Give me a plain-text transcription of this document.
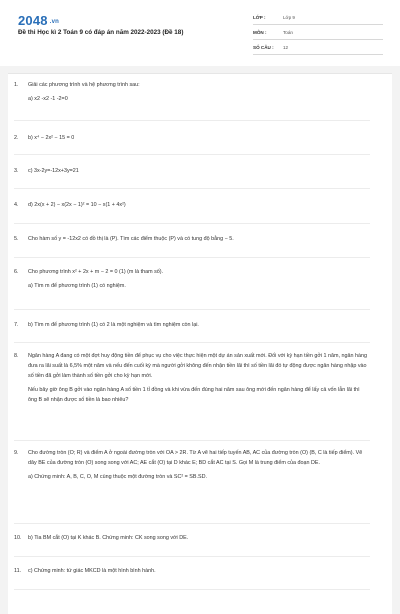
2048 .vn
Đề thi Học kì 2 Toán 9 có đáp án năm 2022-2023 (Đề 18)
LỚP :	Lớp 9
MÔN :	Toán
SỐ CÂU : 12
1. Giải các phương trình và hệ phương trình sau:

a) x2 -x2 -1 -2=0

2. b) x⁴ − 2x² − 15 = 0

3. c) 3x-2y=-12x+3y=21

4. d) 2x(x + 2) − x(2x − 1)² = 10 − x(1 + 4x²)

5. Cho hàm số y = -12x2 có đồ thị là (P). Tìm các điểm thuộc (P) và có tung độ bằng − 5.

6. Cho phương trình x² + 2x + m − 2 = 0 (1) (m là tham số).

a) Tìm m để phương trình (1) có nghiệm.

7. b) Tìm m để phương trình (1) có 2 là một nghiệm và tìm nghiệm còn lại.

8. Ngân hàng A đang có một đợt huy động tiền để phục vụ cho việc thực hiện một dự án sản xuất mới. Đối với kỳ hạn tiền gởi 1 năm, ngân hàng đưa ra lãi suất là 6,5% một năm và nếu đến cuối kỳ mà người gởi không đến nhận tiền lãi thì số tiền lãi đó tự động được ngân hàng nhập vào số tiền đã gởi làm thành số tiền gởi cho kỳ hạn mới.

Nếu bây giờ ông B gởi vào ngân hàng A số tiền 1 tỉ đồng và khi vừa đến đúng hai năm sau ông mới đến ngân hàng để lấy cả vốn lẫn lãi thì ông B sẽ nhận được số tiền là bao nhiêu?

9. Cho đường tròn (O; R) và điểm A ở ngoài đường tròn với OA > 2R. Từ A vẽ hai tiếp tuyến AB, AC của đường tròn (O) (B, C là tiếp điểm). Vẽ dây BE của đường tròn (O) song song với AC; AE cắt (O) tại D khác E; BD cắt AC tại S. Gọi M là trung điểm của đoạn DE.

a) Chứng minh: A, B, C, O, M cùng thuộc một đường tròn và SC² = SB.SD.

10. b) Tia BM cắt (O) tại K khác B. Chứng minh: CK song song với DE.

11. c) Chứng minh: tứ giác MKCD là một hình bình hành.
